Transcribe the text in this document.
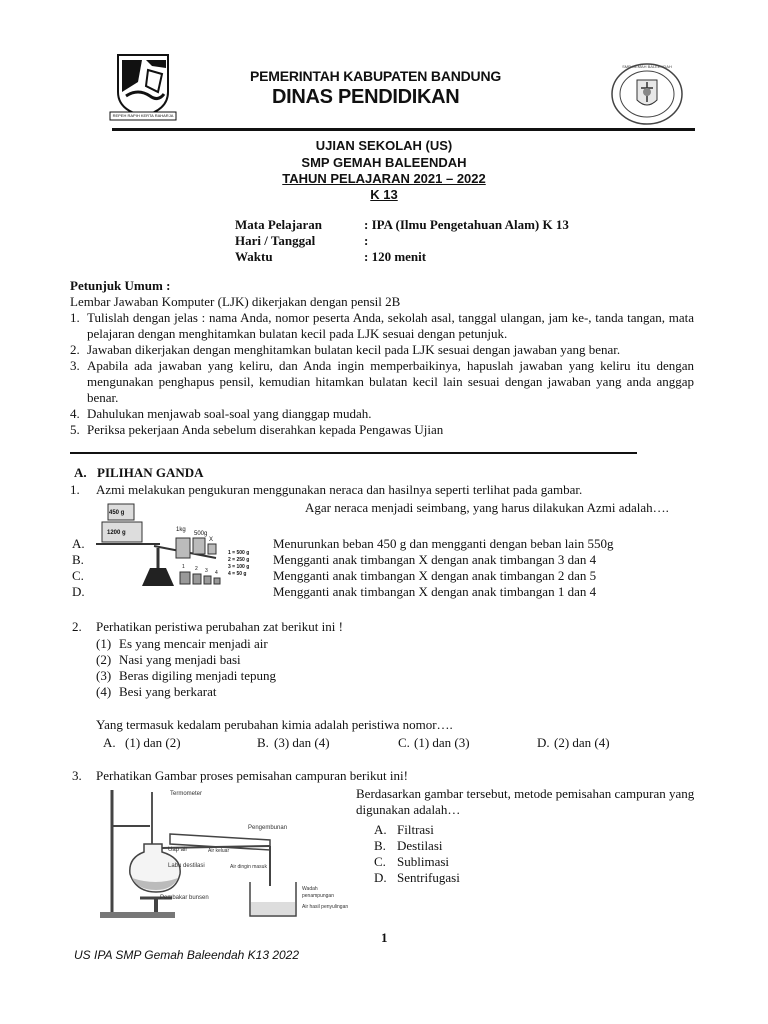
REPEH RAPIH KERTA RAHARJA
PEMERINTAH KABUPATEN BANDUNG
DINAS PENDIDIKAN
SMP GEMAH BALEENDAH
UJIAN SEKOLAH (US)
SMP GEMAH BALEENDAH
TAHUN PELAJARAN 2021 – 2022
K 13
Mata Pelajaran	: IPA (Ilmu Pengetahuan Alam) K 13
Hari / Tanggal	:
Waktu	: 120 menit
Petunjuk Umum :
Lembar Jawaban Komputer (LJK) dikerjakan dengan pensil 2B
1. Tulislah dengan jelas : nama Anda, nomor peserta Anda, sekolah asal, tanggal ulangan, jam ke-, tanda tangan, mata pelajaran dengan menghitamkan bulatan kecil pada LJK sesuai dengan petunjuk.
2. Jawaban dikerjakan dengan menghitamkan bulatan kecil pada LJK sesuai dengan jawaban yang benar.
3. Apabila ada jawaban yang keliru, dan Anda ingin memperbaikinya, hapuslah jawaban yang keliru itu dengan mengunakan penghapus pensil, kemudian hitamkan bulatan kecil lain sesuai dengan jawaban yang anda anggap benar.
4. Dahulukan menjawab soal-soal yang dianggap mudah.
5. Periksa pekerjaan Anda sebelum diserahkan kepada Pengawas Ujian
A. PILIHAN GANDA
1. Azmi melakukan pengukuran menggunakan neraca dan hasilnya seperti terlihat pada gambar.
Agar neraca menjadi seimbang, yang harus dilakukan Azmi adalah….
450 g
1200 g	1kg
500g
X
1 2 3 4
1 = 500 g
2 = 250 g
3 = 100 g
4 = 50 g
A.	Menurunkan beban 450 g dan mengganti dengan beban lain 550g
B.	Mengganti anak timbangan X dengan anak timbangan 3 dan 4
C.	Mengganti anak timbangan X dengan anak timbangan 2 dan 5
D.	Mengganti anak timbangan X dengan anak timbangan 1 dan 4
2. Perhatikan peristiwa perubahan zat berikut ini !
(1) Es yang mencair menjadi air
(2) Nasi yang menjadi basi
(3) Beras digiling menjadi tepung
(4) Besi yang berkarat
Yang termasuk kedalam perubahan kimia adalah peristiwa nomor….
A. (1) dan (2)	B. (3) dan (4)	C. (1) dan (3)	D. (2) dan (4)
3. Perhatikan Gambar proses pemisahan campuran berikut ini!
Berdasarkan gambar tersebut, metode pemisahan campuran yang digunakan adalah…
Termometer
Pengembunan
Uap air	Air keluar
Labu destilasi	Air dingin masuk
Pembakar bunsen
Wadah penampungan
Air hasil penyulingan
A. Filtrasi
B. Destilasi
C. Sublimasi
D. Sentrifugasi
1
US IPA SMP Gemah Baleendah K13 2022
